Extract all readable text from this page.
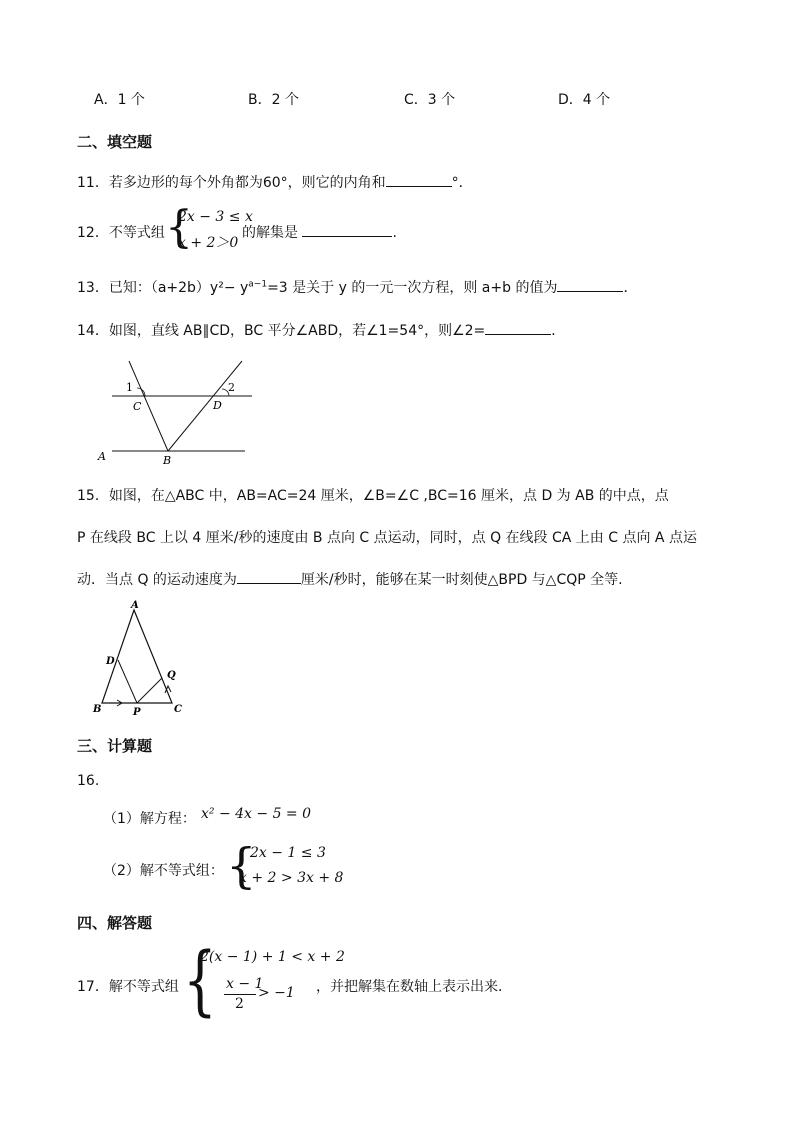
A．1 个	B．2 个	C．3 个	D．4 个
二、填空题
11．若多边形的每个外角都为60°，则它的内角和	°．
12．不等式组 {
2x − 3 ≤ x
x + 2＞0
的解集是	.
13．已知：$(a+2b)y^2- y^{a-1}=3$ 是关于 y 的一元一次方程，则 a+b 的值为	．
14．如图，直线 AB∥CD，BC 平分∠ABD，若∠1=54°，则∠2=	．
1	2
C	D
A	B
15．如图，在△ABC 中，AB=AC=24 厘米，∠B=∠C ,BC=16 厘米，点 D 为 AB 的中点，点
P 在线段 BC 上以 4 厘米/秒的速度由 B 点向 C 点运动，同时，点 Q 在线段 CA 上由 C 点向 A 点运
动．当点 Q 的运动速度为	厘米/秒时，能够在某一时刻使△BPD 与△CQP 全等.
A
D
Q
B	P	C
三、计算题
16.
（1）解方程： x² − 4x − 5 = 0
（2）解不等式组： {
2x − 1 ≤ 3
x + 2 > 3x + 8
四、解答题
17．解不等式组 {
2(x − 1) + 1 < x + 2
x − 1
2
> −1 ，并把解集在数轴上表示出来．
